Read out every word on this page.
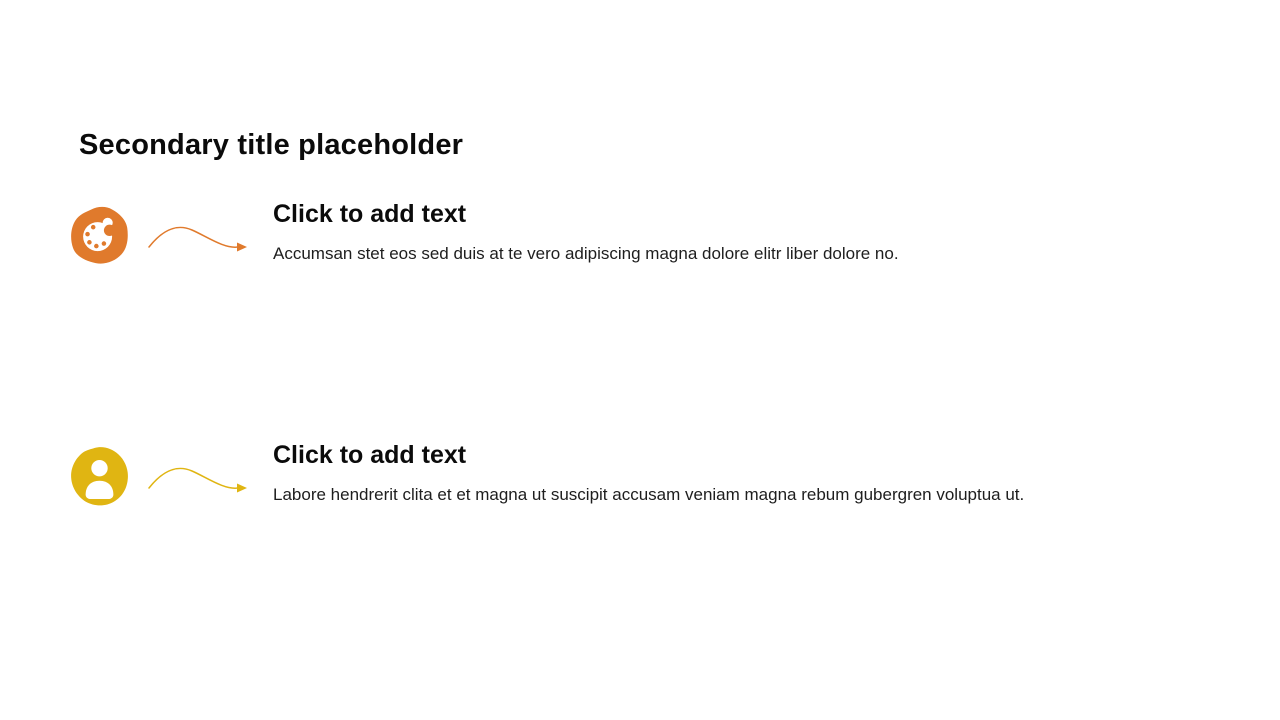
Secondary title placeholder
Click to add text

Accumsan stet eos sed duis at te vero adipiscing magna dolore elitr liber dolore no.

Click to add text

Labore hendrerit clita et et magna ut suscipit accusam veniam magna rebum gubergren voluptua ut.
